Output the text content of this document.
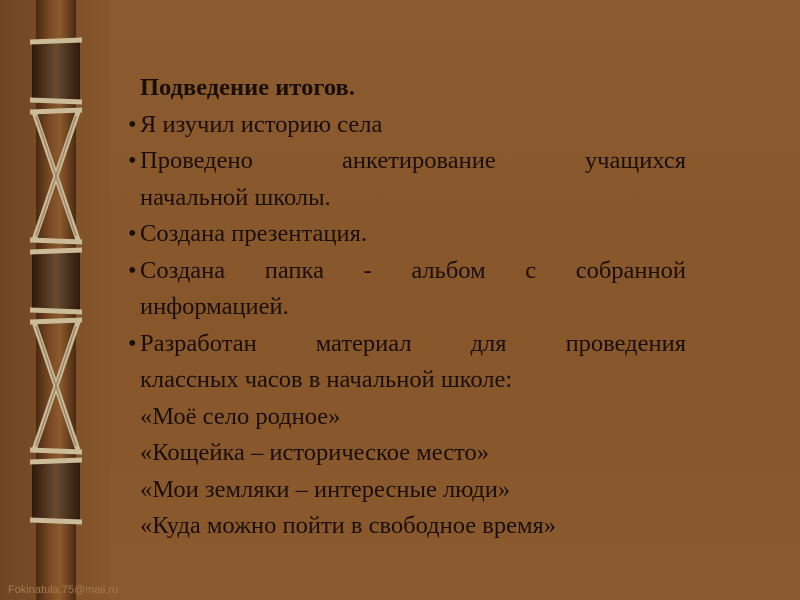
Подведение итогов.
• Я изучил историю села
• Проведено анкетирование учащихся
начальной школы.
• Создана презентация.
• Создана папка - альбом с собранной
информацией.
• Разработан материал для проведения
классных часов в начальной школе:
«Моё село родное»
«Кощейка – историческое место»
«Мои земляки – интересные люди»
«Куда можно пойти в свободное время»
Fokinatula.75@mail.ru
